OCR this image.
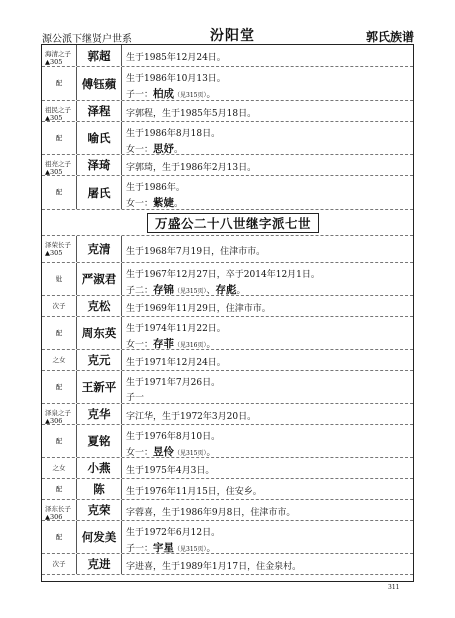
源公派下继贤户世系	汾阳堂	郭氏族谱
海清之子
▲305	郭超	生于1985年12月24日。
配	傅钰蘋	生于1986年10月13日。
子一：柏成（见315页）。
祖民之子
▲305	泽程	字郭程，生于1985年5月18日。
配	喻氏	生于1986年8月18日。
女一：思妤。
祖亮之子
▲305	泽琦	字郭琦，生于1986年2月13日。
配	屠氏	生于1986年。
女一：紫婕。
万盛公二十八世继字派七世
泽荣长子
▲305	克清	生于1968年7月19日，住津市市。
妣	严淑君	生于1967年12月27日，卒于2014年12月1日。
子二：存锦（见315页）、存彪。
次子	克松	生于1969年11月29日，住津市市。
配	周东英	生于1974年11月22日。
女一：存菲（见316页）。
之女	克元	生于1971年12月24日。
配	王新平	生于1971年7月26日。
子一
泽泉之子
▲306	克华	字江华，生于1972年3月20日。
配	夏铭	生于1976年8月10日。
女一：昱伶（见315页）。
之女	小燕	生于1975年4月3日。
配	陈	生于1976年11月15日，住安乡。
泽东长子
▲306	克荣	字蓉喜，生于1986年9月8日，住津市市。
配	何发美	生于1972年6月12日。
子一：宇星（见315页）。
次子	克进	字进喜，生于1989年1月17日，住金泉村。
311
